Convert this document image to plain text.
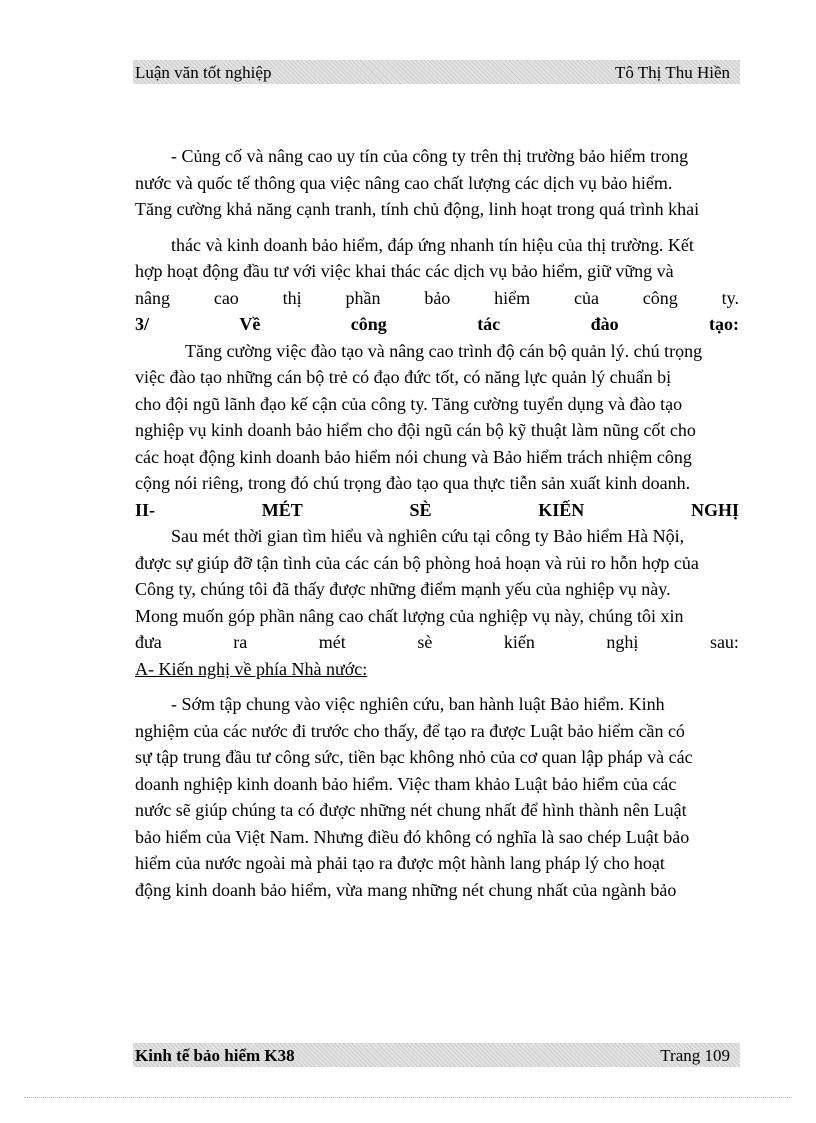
Luận văn tốt nghiệp	Tô Thị Thu Hiền
- Củng cố và nâng cao uy tín của công ty trên thị trường bảo hiểm trong
nước và quốc tế thông qua việc nâng cao chất lượng các dịch vụ bảo hiểm.
Tăng cường khả năng cạnh tranh, tính chủ động, linh hoạt trong quá trình khai
thác và kinh doanh bảo hiểm, đáp ứng nhanh tín hiệu của thị trường. Kết
hợp hoạt động đầu tư với việc khai thác các dịch vụ bảo hiểm, giữ vững và
nâng cao thị phần bảo hiểm của công ty.
3/	Về	công	tác	đào	tạo:
Tăng cường việc đào tạo và nâng cao trình độ cán bộ quản lý. chú trọng
việc đào tạo những cán bộ trẻ có đạo đức tốt, có năng lực quản lý chuẩn bị
cho đội ngũ lãnh đạo kế cận của công ty. Tăng cường tuyển dụng và đào tạo
nghiệp vụ kinh doanh bảo hiểm cho đội ngũ cán bộ kỹ thuật làm nũng cốt cho
các hoạt động kinh doanh bảo hiểm nói chung và Bảo hiểm trách nhiệm công
cộng nói riêng, trong đó chú trọng đào tạo qua thực tiễn sản xuất kinh doanh.
II-	MÉT	SÈ	KIẾN	NGHỊ
Sau mét thời gian tìm hiểu và nghiên cứu tại công ty Bảo hiểm Hà Nội,
được sự giúp đỡ tận tình của các cán bộ phòng hoả hoạn và rủi ro hỗn hợp của
Công ty, chúng tôi đã thấy được những điểm mạnh yếu của nghiệp vụ này.
Mong muốn góp phần nâng cao chất lượng của nghiệp vụ này, chúng tôi xin
đưa	ra	mét	sè	kiến	nghị	sau:
A- Kiến nghị về phía Nhà nước:
- Sớm tập chung vào việc nghiên cứu, ban hành luật Bảo hiểm. Kinh
nghiệm của các nước đi trước cho thấy, để tạo ra được Luật bảo hiểm cần có
sự tập trung đầu tư công sức, tiền bạc không nhỏ của cơ quan lập pháp và các
doanh nghiệp kinh doanh bảo hiểm. Việc tham khảo Luật bảo hiểm của các
nước sẽ giúp chúng ta có được những nét chung nhất để hình thành nên Luật
bảo hiểm của Việt Nam. Nhưng điều đó không có nghĩa là sao chép Luật bảo
hiểm của nước ngoài mà phải tạo ra được một hành lang pháp lý cho hoạt
động kinh doanh bảo hiểm, vừa mang những nét chung nhất của ngành bảo
Kinh tế bảo hiểm K38	Trang 109
